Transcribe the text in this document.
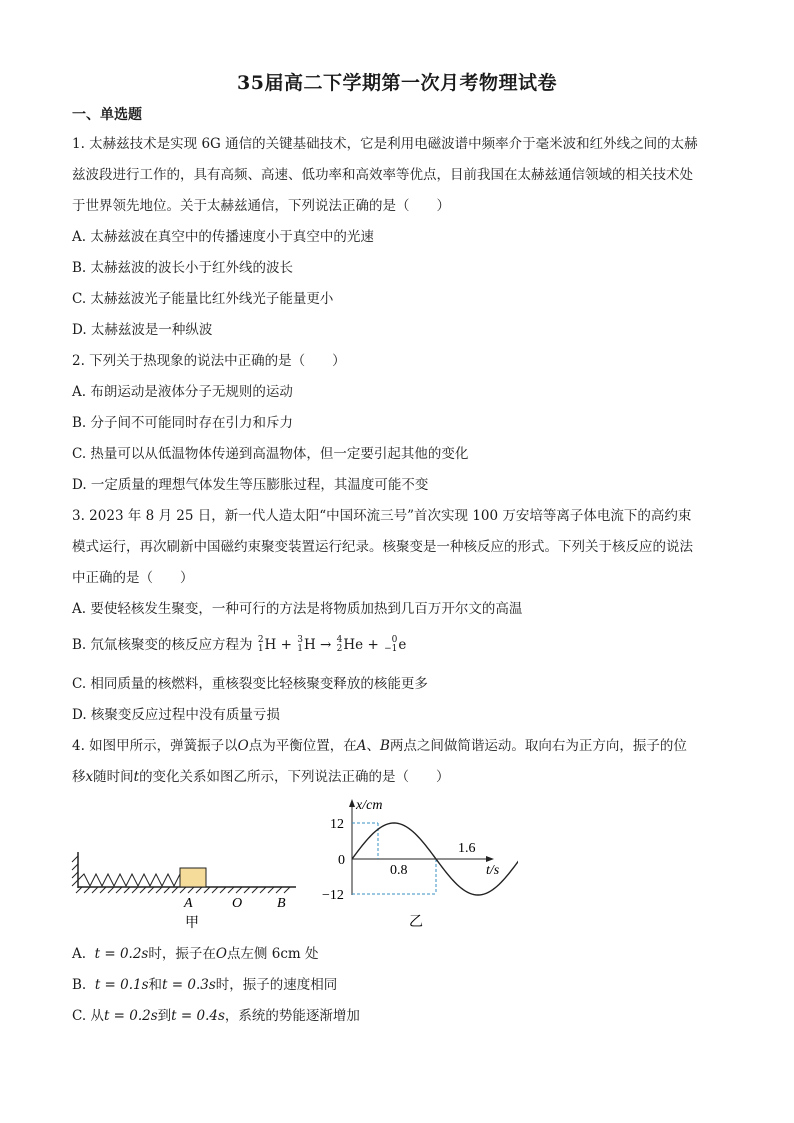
35届高二下学期第一次月考物理试卷
一、单选题
1. 太赫兹技术是实现 6G 通信的关键基础技术，它是利用电磁波谱中频率介于毫米波和红外线之间的太赫
兹波段进行工作的，具有高频、高速、低功率和高效率等优点，目前我国在太赫兹通信领域的相关技术处
于世界领先地位。关于太赫兹通信，下列说法正确的是（　　）
A. 太赫兹波在真空中的传播速度小于真空中的光速
B. 太赫兹波的波长小于红外线的波长
C. 太赫兹波光子能量比红外线光子能量更小
D. 太赫兹波是一种纵波
2. 下列关于热现象的说法中正确的是（　　）
A. 布朗运动是液体分子无规则的运动
B. 分子间不可能同时存在引力和斥力
C. 热量可以从低温物体传递到高温物体，但一定要引起其他的变化
D. 一定质量的理想气体发生等压膨胀过程，其温度可能不变
3. 2023 年 8 月 25 日，新一代人造太阳“中国环流三号”首次实现 100 万安培等离子体电流下的高约束
模式运行，再次刷新中国磁约束聚变装置运行纪录。核聚变是一种核反应的形式。下列关于核反应的说法
中正确的是（　　）
A. 要使轻核发生聚变，一种可行的方法是将物质加热到几百万开尔文的高温
B. 氘氚核聚变的核反应方程为 2
1 H + 3
1 H → 4
2 He +	0
−1 e
C. 相同质量的核燃料，重核裂变比轻核聚变释放的核能更多
D. 核聚变反应过程中没有质量亏损
4. 如图甲所示，弹簧振子以O点为平衡位置，在A、B两点之间做简谐运动。取向右为正方向，振子的位
移x随时间t的变化关系如图乙所示，下列说法正确的是（　　）
A	O B
甲
x/cm
t/s
12
−12
0
0.8
1.6
乙
A. t = 0.2s时，振子在O点左侧 6cm 处
B. t = 0.1s和t = 0.3s时，振子的速度相同
C. 从t = 0.2s到t = 0.4s，系统的势能逐渐增加
